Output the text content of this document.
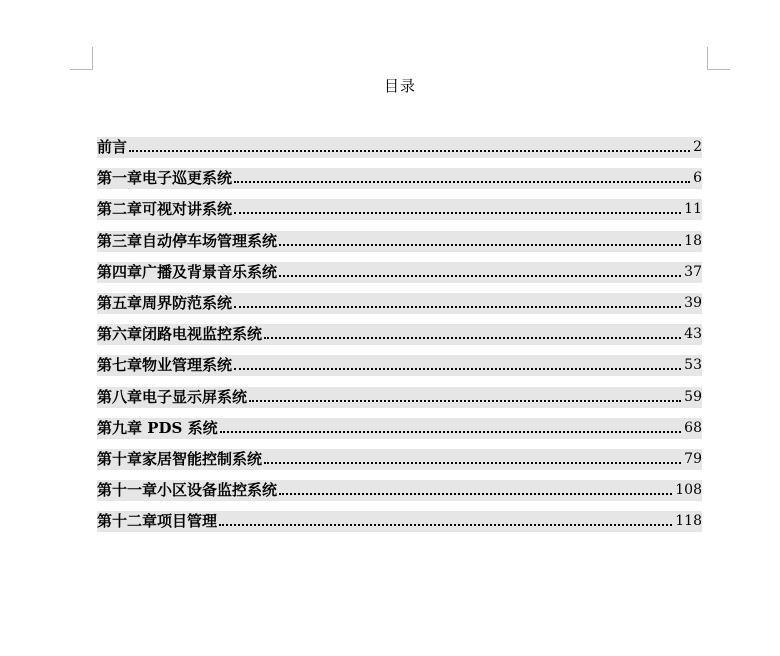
目录
前言	2
第一章电子巡更系统	6
第二章可视对讲系统	11
第三章自动停车场管理系统	18
第四章广播及背景音乐系统	37
第五章周界防范系统	39
第六章闭路电视监控系统	43
第七章物业管理系统	53
第八章电子显示屏系统	59
第九章 PDS 系统	68
第十章家居智能控制系统	79
第十一章小区设备监控系统	108
第十二章项目管理	118
